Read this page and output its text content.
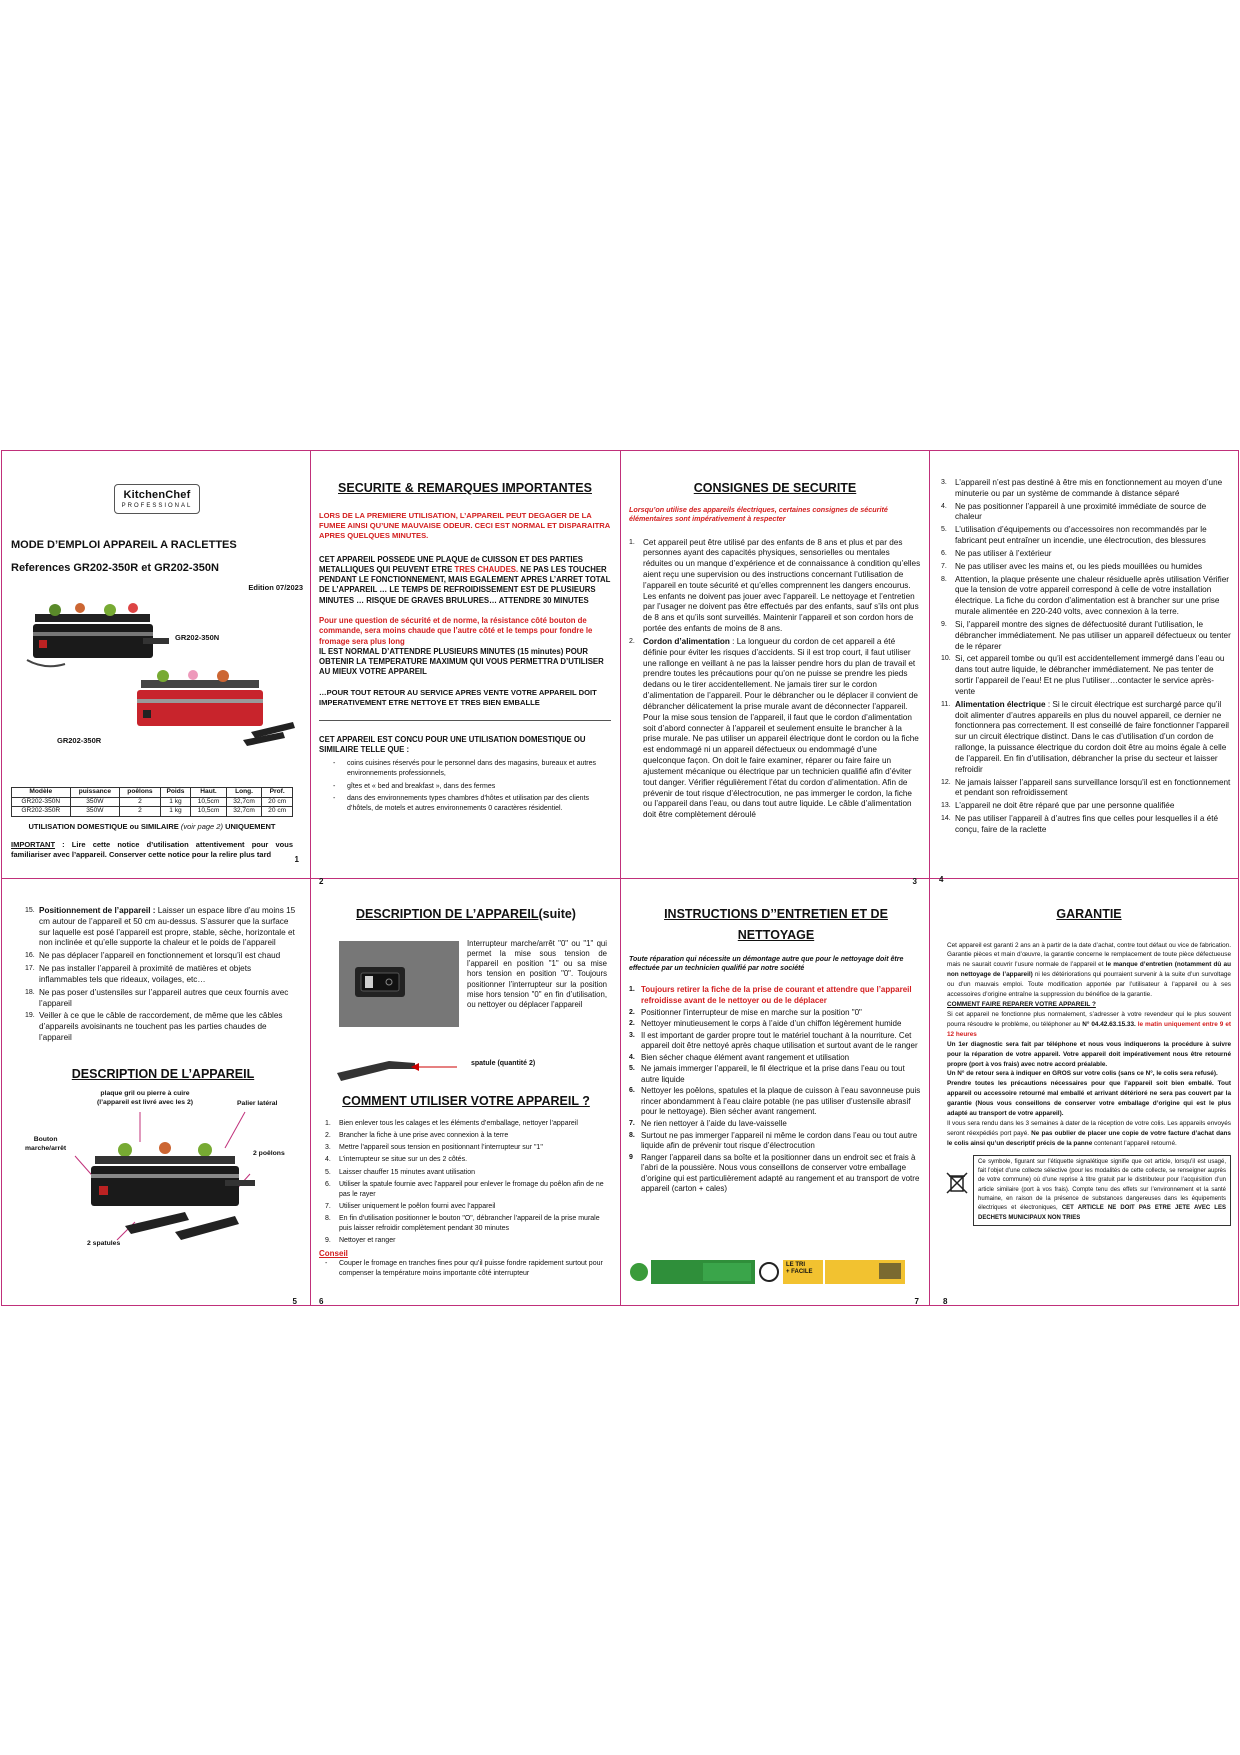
KitchenChef
PROFESSIONAL
MODE D’EMPLOI APPAREIL A RACLETTES
References GR202-350R et GR202-350N
Edition 07/2023
GR202-350N
GR202-350R
Modèle	puissance	poêlons	Poids	Haut.	Long.	Prof.
GR202-350N	350W	2	1 kg	10,5cm	32,7cm	20 cm
GR202-350R	350W	2	1 kg	10,5cm	32,7cm	20 cm
UTILISATION DOMESTIQUE ou SIMILAIRE (voir page 2) UNIQUEMENT
IMPORTANT : Lire cette notice d’utilisation attentivement pour vous familiariser avec l’appareil. Conserver cette notice pour la relire plus tard
1
SECURITE & REMARQUES IMPORTANTES
LORS DE LA PREMIERE UTILISATION, L’APPAREIL PEUT DEGAGER DE LA FUMEE AINSI QU’UNE MAUVAISE ODEUR. CECI EST NORMAL ET DISPARAITRA APRES QUELQUES MINUTES.
CET APPAREIL POSSEDE UNE PLAQUE de CUISSON ET DES PARTIES METALLIQUES QUI PEUVENT ETRE TRES CHAUDES. NE PAS LES TOUCHER PENDANT LE FONCTIONNEMENT, MAIS EGALEMENT APRES L’ARRET TOTAL DE L’APPAREIL … LE TEMPS DE REFROIDISSEMENT EST DE PLUSIEURS MINUTES … RISQUE DE GRAVES BRULURES… ATTENDRE 30 MINUTES
Pour une question de sécurité et de norme, la résistance côté bouton de commande, sera moins chaude que l’autre côté et le temps pour fondre le fromage sera plus long
IL EST NORMAL D’ATTENDRE PLUSIEURS MINUTES (15 minutes) POUR OBTENIR LA TEMPERATURE MAXIMUM QUI VOUS PERMETTRA D’UTILISER AU MIEUX VOTRE APPAREIL
…POUR TOUT RETOUR AU SERVICE APRES VENTE VOTRE APPAREIL DOIT IMPERATIVEMENT ETRE NETTOYE ET TRES BIEN EMBALLE
CET APPAREIL EST CONCU POUR UNE UTILISATION DOMESTIQUE OU SIMILAIRE TELLE QUE :
- coins cuisines réservés pour le personnel dans des magasins, bureaux et autres environnements professionnels,
- gîtes et « bed and breakfast », dans des fermes
- dans des environnements types chambres d’hôtes et utilisation par des clients d’hôtels, de motels et autres environnements 0 caractères résidentiel.
2
CONSIGNES DE SECURITE
Lorsqu’on utilise des appareils électriques, certaines consignes de sécurité élémentaires sont impérativement à respecter
1. Cet appareil peut être utilisé par des enfants de 8 ans et plus et par des personnes ayant des capacités physiques, sensorielles ou mentales réduites ou un manque d’expérience et de connaissance à condition qu’elles aient reçu une supervision ou des instructions concernant l’utilisation de l’appareil en toute sécurité et qu’elles comprennent les dangers encourus. Les enfants ne doivent pas jouer avec l’appareil. Le nettoyage et l’entretien par l’usager ne doivent pas être effectués par des enfants, sauf s’ils ont plus de 8 ans et qu’ils sont surveillés. Maintenir l’appareil et son cordon hors de portée des enfants de moins de 8 ans.
2. Cordon d’alimentation : La longueur du cordon de cet appareil a été définie pour éviter les risques d’accidents. Si il est trop court, il faut utiliser une rallonge en veillant à ne pas la laisser pendre hors du plan de travail et prendre toutes les précautions pour qu’on ne puisse se prendre les pieds dedans ou le tirer accidentellement. Ne jamais tirer sur le cordon d’alimentation de l’appareil. Pour le débrancher ou le déplacer il convient de débrancher délicatement la prise murale avant de déconnecter l’appareil. Pour la mise sous tension de l’appareil, il faut que le cordon d’alimentation soit d’abord connecter à l’appareil et seulement ensuite le brancher à la prise murale. Ne pas utiliser un appareil électrique dont le cordon ou la fiche est endommagé ni un appareil défectueux ou endommagé d’une quelconque façon. On doit le faire examiner, réparer ou faire faire un ajustement mécanique ou électrique par un technicien qualifié afin d’éviter tout danger. Vérifier régulièrement l’état du cordon d’alimentation. Afin de prévenir de tout risque d’électrocution, ne pas immerger le cordon, la fiche ou l’appareil dans l’eau, ou dans tout autre liquide. Le câble d’alimentation doit être complètement déroulé
3
3. L’appareil n’est pas destiné à être mis en fonctionnement au moyen d’une minuterie ou par un système de commande à distance séparé
4. Ne pas positionner l’appareil à une proximité immédiate de source de chaleur
5. L’utilisation d’équipements ou d’accessoires non recommandés par le fabricant peut entraîner un incendie, une électrocution, des blessures
6. Ne pas utiliser à l’extérieur
7. Ne pas utiliser avec les mains et, ou les pieds mouillées ou humides
8. Attention, la plaque présente une chaleur résiduelle après utilisation Vérifier que la tension de votre appareil correspond à celle de votre installation électrique. La fiche du cordon d’alimentation est à brancher sur une prise murale alimentée en 220-240 volts, avec connexion à la terre.
9. Si, l’appareil montre des signes de défectuosité durant l’utilisation, le débrancher immédiatement. Ne pas utiliser un appareil défectueux ou tenter de le réparer
10. Si, cet appareil tombe ou qu’il est accidentellement immergé dans l’eau ou dans tout autre liquide, le débrancher immédiatement. Ne pas tenter de sortir l’appareil de l’eau! Et ne plus l’utiliser…contacter le service après-vente
11. Alimentation électrique : Si le circuit électrique est surchargé parce qu’il doit alimenter d’autres appareils en plus du nouvel appareil, ce dernier ne fonctionnera pas correctement. Il est conseillé de faire fonctionner l’appareil sur un circuit électrique distinct. Dans le cas d’utilisation d’un cordon de rallonge, la puissance électrique du cordon doit être au moins égale à celle de l’appareil. En fin d’utilisation, débrancher la prise du secteur et laisser refroidir
12. Ne jamais laisser l’appareil sans surveillance lorsqu’il est en fonctionnement et pendant son refroidissement
13. L’appareil ne doit être réparé que par une personne qualifiée
14. Ne pas utiliser l’appareil à d’autres fins que celles pour lesquelles il a été conçu, faire de la raclette
4
15. Positionnement de l’appareil : Laisser un espace libre d’au moins 15 cm autour de l’appareil et 50 cm au-dessus. S’assurer que la surface sur laquelle est posé l’appareil est propre, stable, sèche, horizontale et non inclinée et qu’elle supporte la chaleur et le poids de l’appareil
16. Ne pas déplacer l’appareil en fonctionnement et lorsqu’il est chaud
17. Ne pas installer l’appareil à proximité de matières et objets inflammables tels que rideaux, voilages, etc…
18. Ne pas poser d’ustensiles sur l’appareil autres que ceux fournis avec l’appareil
19. Veiller à ce que le câble de raccordement, de même que les câbles d’appareils avoisinants ne touchent pas les parties chaudes de l’appareil
DESCRIPTION DE L’APPAREIL
plaque gril ou pierre à cuire
(l’appareil est livré avec les 2)	Palier latéral
Bouton
marche/arrêt
2 poêlons
2 spatules
5
DESCRIPTION DE L’APPAREIL(suite)
Interrupteur marche/arrêt "0" ou "1" qui permet la mise sous tension de l’appareil en position "1" ou sa mise hors tension en position "0". Toujours positionner l’interrupteur sur la position mise hors tension "0" en fin d’utilisation, ou nettoyer ou déplacer l’appareil
spatule (quantité 2)
COMMENT UTILISER VOTRE APPAREIL ?
1. Bien enlever tous les calages et les éléments d’emballage, nettoyer l’appareil
2. Brancher la fiche à une prise avec connexion à la terre
3. Mettre l’appareil sous tension en positionnant l’interrupteur sur "1"
4. L’interrupteur se situe sur un des 2 côtés.
5. Laisser chauffer 15 minutes avant utilisation
6. Utiliser la spatule fournie avec l’appareil pour enlever le fromage du poêlon afin de ne pas le rayer
7. Utiliser uniquement le poêlon fourni avec l’appareil
8. En fin d’utilisation positionner le bouton "O", débrancher l’appareil de la prise murale puis laisser refroidir complètement pendant 30 minutes
9. Nettoyer et ranger
Conseil
- Couper le fromage en tranches fines pour qu’il puisse fondre rapidement surtout pour compenser la température moins importante côté interrupteur
6
INSTRUCTIONS D’’ENTRETIEN ET DE
NETTOYAGE
Toute réparation qui nécessite un démontage autre que pour le nettoyage doit être effectuée par un technicien qualifié par notre société
1. Toujours retirer la fiche de la prise de courant et attendre que l’appareil refroidisse avant de le nettoyer ou de le déplacer
2. Positionner l’interrupteur de mise en marche sur la position "0"
2. Nettoyer minutieusement le corps à l’aide d’un chiffon légèrement humide
3. Il est important de garder propre tout le matériel touchant à la nourriture. Cet appareil doit être nettoyé après chaque utilisation et surtout avant de le ranger
4. Bien sécher chaque élément avant rangement et utilisation
5. Ne jamais immerger l’appareil, le fil électrique et la prise dans l’eau ou tout autre liquide
6. Nettoyer les poêlons, spatules et la plaque de cuisson à l’eau savonneuse puis rincer abondamment à l’eau claire potable (ne pas utiliser d’ustensile abrasif pour le nettoyage). Bien sécher avant rangement.
7. Ne rien nettoyer à l’aide du lave-vaisselle
8. Surtout ne pas immerger l’appareil ni même le cordon dans l’eau ou tout autre liquide afin de prévenir tout risque d’électrocution
9 Ranger l’appareil dans sa boîte et la positionner dans un endroit sec et frais à l’abri de la poussière. Nous vous conseillons de conserver votre emballage d’origine qui est particulièrement adapté au rangement et au transport de votre appareil (carton + cales)
LE TRI
+ FACILE
7
GARANTIE
Cet appareil est garanti 2 ans an à partir de la date d’achat, contre tout défaut ou vice de fabrication. Garantie pièces et main d’œuvre, la garantie concerne le remplacement de toute pièce défectueuse mais ne saurait couvrir l’usure normale de l’appareil et le manque d’entretien (notamment dû au non nettoyage de l’appareil) ni les détériorations qui pourraient survenir à la suite d’un survoltage ou d’un mauvais emploi. Toute modification apportée par l’utilisateur à l’appareil ou à ses accessoires d’origine entraîne la suppression du bénéfice de la garantie.
COMMENT FAIRE REPARER VOTRE APPAREIL ?
Si cet appareil ne fonctionne plus normalement, s’adresser à votre revendeur qui le plus souvent pourra résoudre le problème, ou téléphoner au N° 04.42.63.15.33. le matin uniquement entre 9 et 12 heures
Un 1er diagnostic sera fait par téléphone et nous vous indiquerons la procédure à suivre pour la réparation de votre appareil. Votre appareil doit impérativement nous être retourné propre (port à vos frais) avec notre accord préalable.
Un N° de retour sera à indiquer en GROS sur votre colis (sans ce N°, le colis sera refusé).
Prendre toutes les précautions nécessaires pour que l’appareil soit bien emballé. Tout appareil ou accessoire retourné mal emballé et arrivant détérioré ne sera pas couvert par la garantie (Nous vous conseillons de conserver votre emballage d’origine qui est le plus adapté au transport de votre appareil).
Il vous sera rendu dans les 3 semaines à dater de la réception de votre colis. Les appareils envoyés seront réexpédiés port payé. Ne pas oublier de placer une copie de votre facture d’achat dans le colis ainsi qu’un descriptif précis de la panne contenant l’appareil retourné.
Ce symbole, figurant sur l’étiquette signalétique signifie que cet article, lorsqu’il est usagé, fait l’objet d’une collecte sélective (pour les modalités de cette collecte, se renseigner auprès de votre commune) où d’une reprise à titre gratuit par le distributeur pour l’acquisition d’un article similaire (port à vos frais). Compte tenu des effets sur l’environnement et la santé humaine, en raison de la présence de substances dangereuses dans les équipements électriques et électroniques, CET ARTICLE NE DOIT PAS ETRE JETE AVEC LES DECHETS MUNICIPAUX NON TRIES
8
